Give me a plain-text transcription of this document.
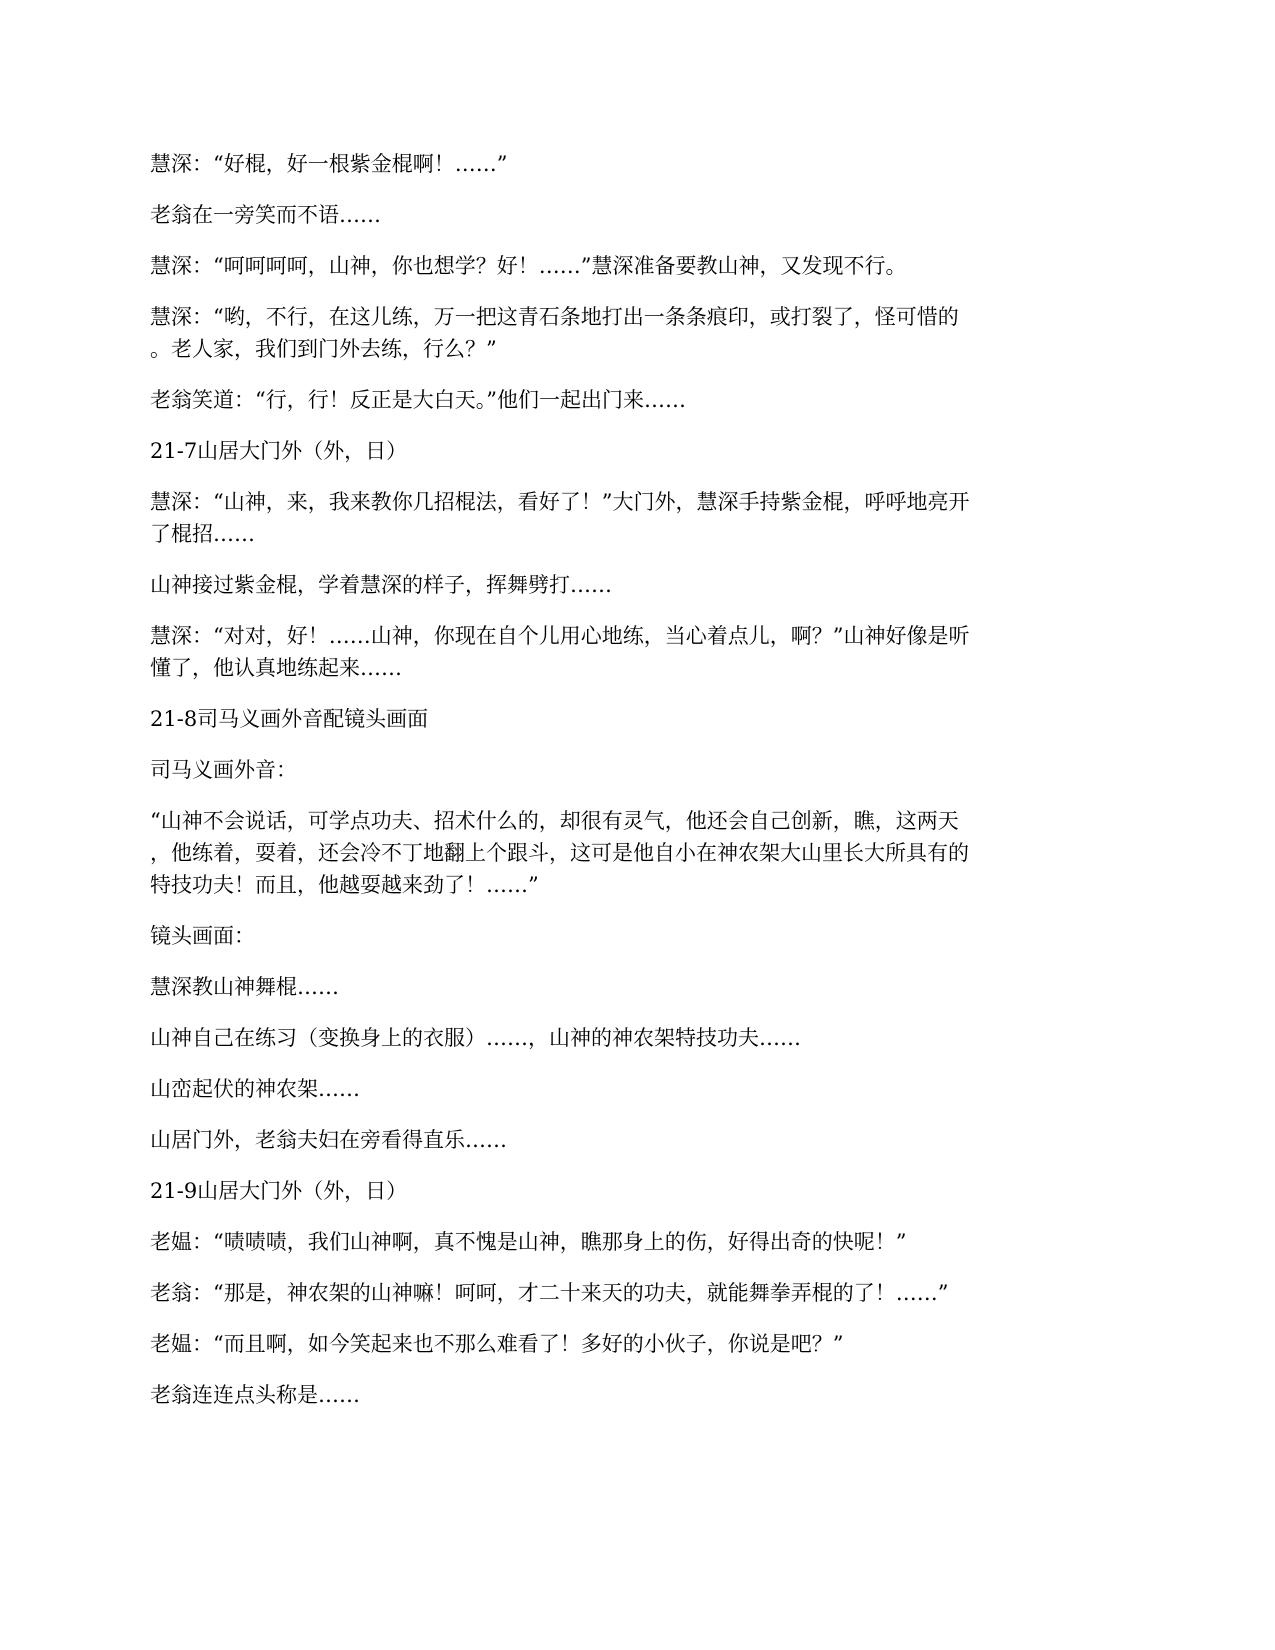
慧深：“好棍，好一根紫金棍啊！……”

老翁在一旁笑而不语……

慧深：“呵呵呵呵，山神，你也想学？好！……”慧深准备要教山神，又发现不行。

慧深：“哟，不行，在这儿练，万一把这青石条地打出一条条痕印，或打裂了，怪可惜的
。老人家，我们到门外去练，行么？”

老翁笑道：“行，行！反正是大白天。”他们一起出门来……

21-7山居大门外（外，日）

慧深：“山神，来，我来教你几招棍法，看好了！”大门外，慧深手持紫金棍，呼呼地亮开
了棍招……

山神接过紫金棍，学着慧深的样子，挥舞劈打……

慧深：“对对，好！……山神，你现在自个儿用心地练，当心着点儿，啊？”山神好像是听
懂了，他认真地练起来……

21-8司马义画外音配镜头画面

司马义画外音：

“山神不会说话，可学点功夫、招术什么的，却很有灵气，他还会自己创新，瞧，这两天
，他练着，耍着，还会冷不丁地翻上个跟斗，这可是他自小在神农架大山里长大所具有的
特技功夫！而且，他越耍越来劲了！……”

镜头画面：

慧深教山神舞棍……

山神自己在练习（变换身上的衣服）……，山神的神农架特技功夫……

山峦起伏的神农架……

山居门外，老翁夫妇在旁看得直乐……

21-9山居大门外（外，日）

老媪：“啧啧啧，我们山神啊，真不愧是山神，瞧那身上的伤，好得出奇的快呢！”

老翁：“那是，神农架的山神嘛！呵呵，才二十来天的功夫，就能舞拳弄棍的了！……”

老媪：“而且啊，如今笑起来也不那么难看了！多好的小伙子，你说是吧？”

老翁连连点头称是……
